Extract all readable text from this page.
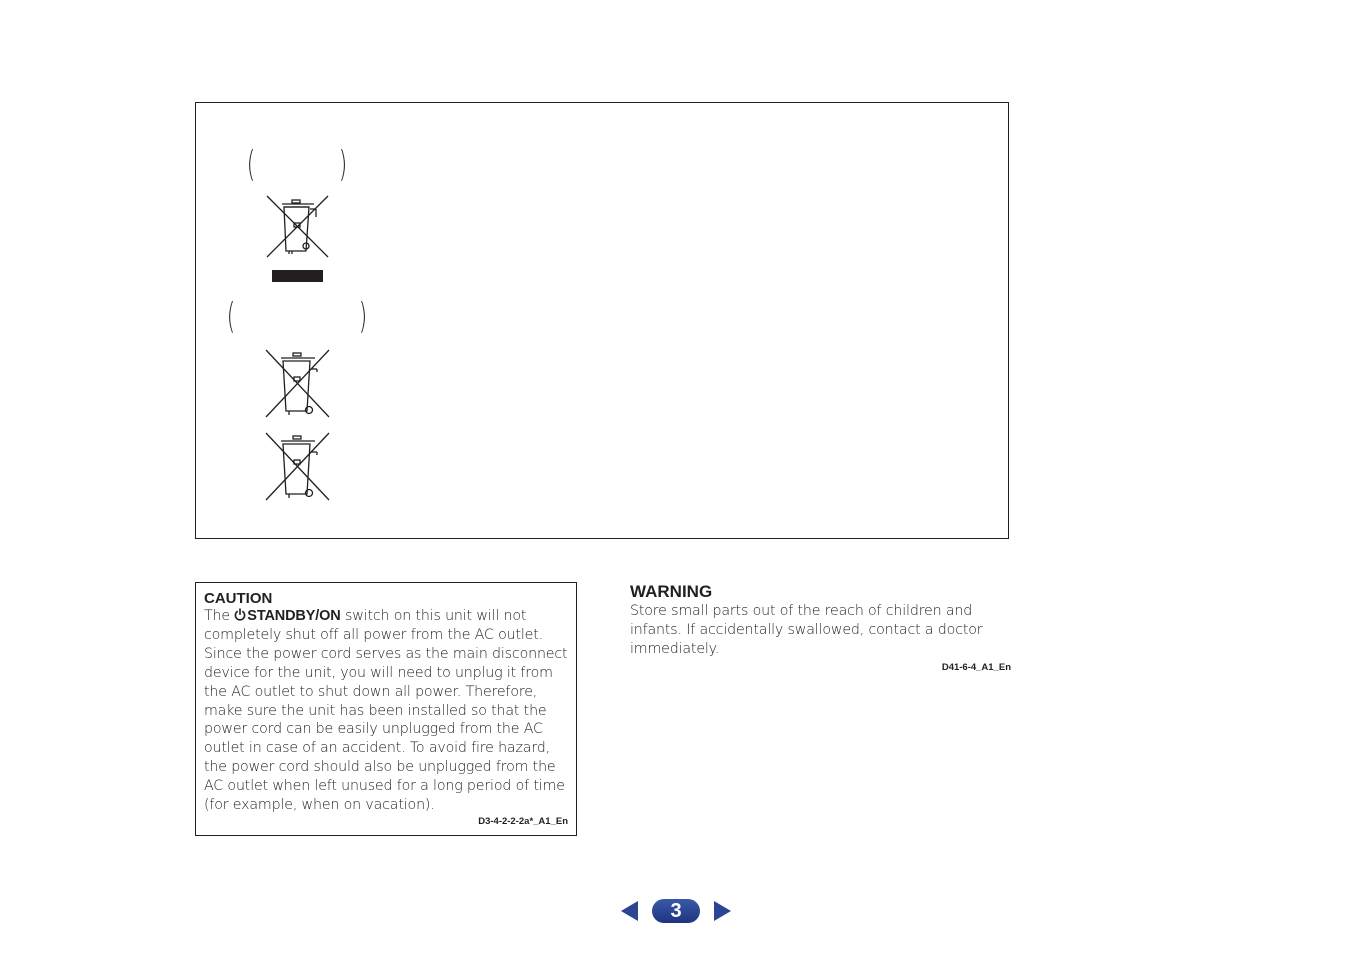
( )
(	)

CAUTION

The STANDBY/ON switch on this unit will not completely shut off all power from the AC outlet. Since the power cord serves as the main disconnect device for the unit, you will need to unplug it from the AC outlet to shut down all power. Therefore, make sure the unit has been installed so that the power cord can be easily unplugged from the AC outlet in case of an accident. To avoid fire hazard, the power cord should also be unplugged from the AC outlet when left unused for a long period of time (for example, when on vacation).

D3-4-2-2-2a*_A1_En

WARNING

Store small parts out of the reach of children and infants. If accidentally swallowed, contact a doctor immediately.

D41-6-4_A1_En
3
